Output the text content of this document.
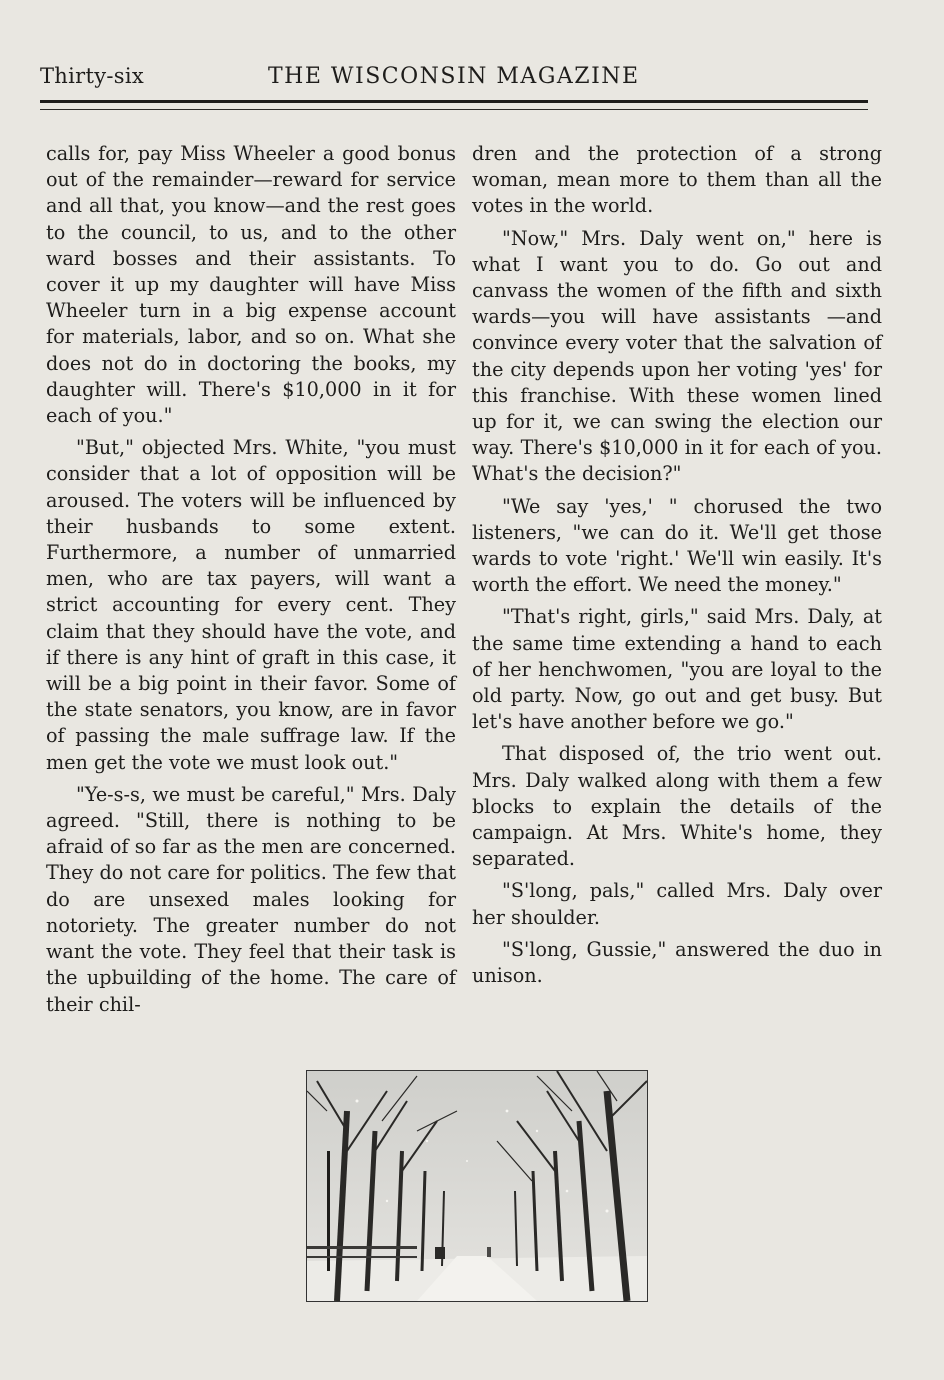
Thirty-six	THE WISCONSIN MAGAZINE

calls for, pay Miss Wheeler a good bonus out of the remainder—reward for service and all that, you know—and the rest goes to the council, to us, and to the other ward bosses and their assistants. To cover it up my daughter will have Miss Wheeler turn in a big expense account for materials, labor, and so on. What she does not do in doctoring the books, my daughter will. There's $10,000 in it for each of you."

"But," objected Mrs. White, "you must consider that a lot of opposition will be aroused. The voters will be influenced by their husbands to some extent. Furthermore, a number of unmarried men, who are tax payers, will want a strict accounting for every cent. They claim that they should have the vote, and if there is any hint of graft in this case, it will be a big point in their favor. Some of the state senators, you know, are in favor of passing the male suffrage law. If the men get the vote we must look out."

"Ye-s-s, we must be careful," Mrs. Daly agreed. "Still, there is nothing to be afraid of so far as the men are concerned. They do not care for politics. The few that do are unsexed males looking for notoriety. The greater number do not want the vote. They feel that their task is the upbuilding of the home. The care of their chil-

dren and the protection of a strong woman, mean more to them than all the votes in the world.

"Now," Mrs. Daly went on," here is what I want you to do. Go out and canvass the women of the fifth and sixth wards—you will have assistants —and convince every voter that the salvation of the city depends upon her voting 'yes' for this franchise. With these women lined up for it, we can swing the election our way. There's $10,000 in it for each of you. What's the decision?"

"We say 'yes,' " chorused the two listeners, "we can do it. We'll get those wards to vote 'right.' We'll win easily. It's worth the effort. We need the money."

"That's right, girls," said Mrs. Daly, at the same time extending a hand to each of her henchwomen, "you are loyal to the old party. Now, go out and get busy. But let's have another before we go."

That disposed of, the trio went out. Mrs. Daly walked along with them a few blocks to explain the details of the campaign. At Mrs. White's home, they separated.

"S'long, pals," called Mrs. Daly over her shoulder.

"S'long, Gussie," answered the duo in unison.
